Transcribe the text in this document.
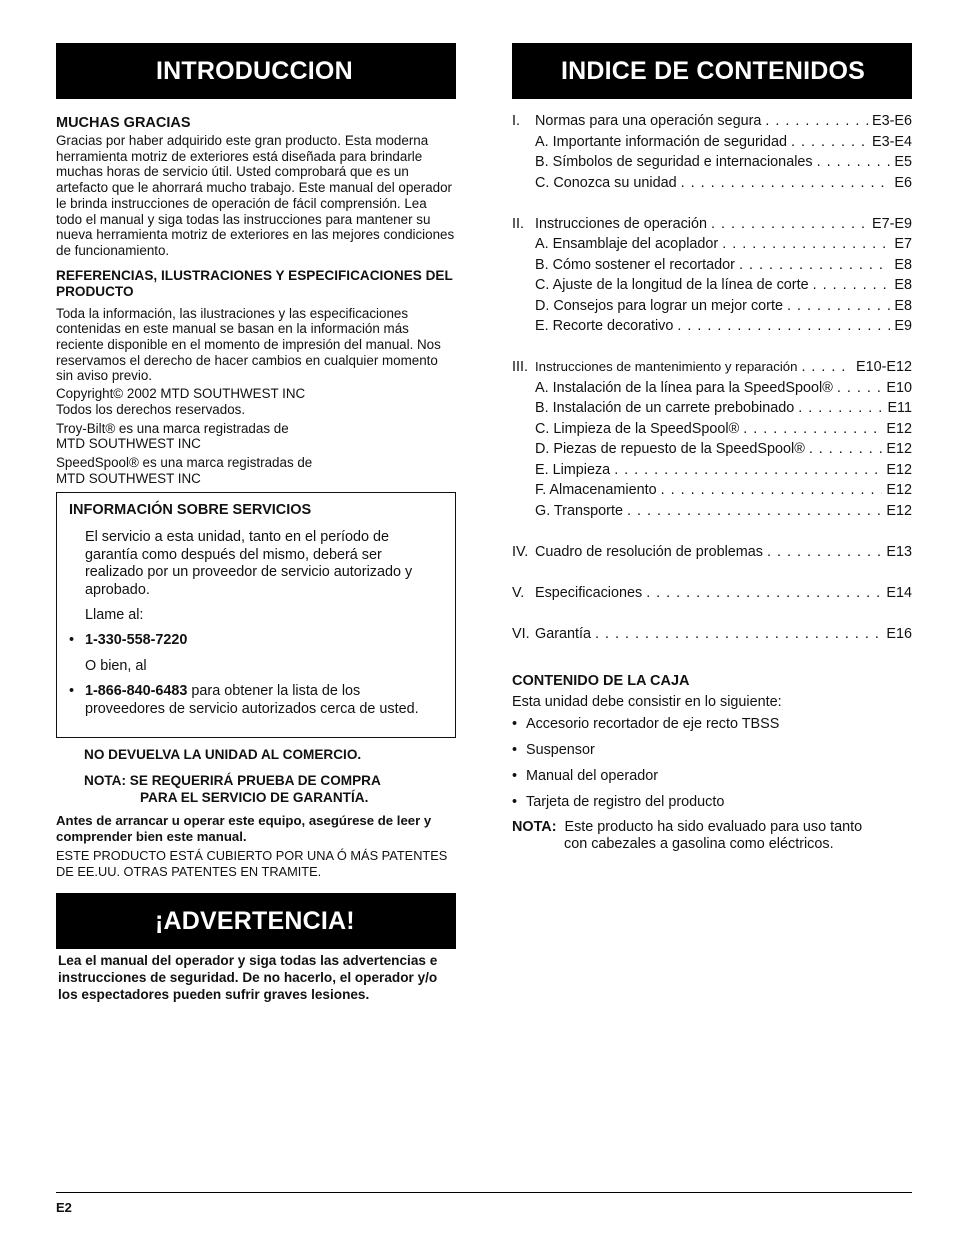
INTRODUCCION
MUCHAS GRACIAS

Gracias por haber adquirido este gran producto. Esta moderna herramienta motriz de exteriores está diseñada para brindarle muchas horas de servicio útil. Usted comprobará que es un artefacto que le ahorrará mucho trabajo. Este manual del operador le brinda instrucciones de operación de fácil comprensión. Lea todo el manual y siga todas las instrucciones para mantener su nueva herramienta motriz de exteriores en las mejores condiciones de funcionamiento.

REFERENCIAS, ILUSTRACIONES Y ESPECIFICACIONES DEL PRODUCTO

Toda la información, las ilustraciones y las especificaciones contenidas en este manual se basan en la información más reciente disponible en el momento de impresión del manual. Nos reservamos el derecho de hacer cambios en cualquier momento sin aviso previo.

Copyright© 2002 MTD SOUTHWEST INC

Todos los derechos reservados.

Troy-Bilt® es una marca registradas de

MTD SOUTHWEST INC

SpeedSpool® es una marca registradas de

MTD SOUTHWEST INC

INFORMACIÓN SOBRE SERVICIOS

El servicio a esta unidad, tanto en el período de garantía como después del mismo, deberá ser realizado por un proveedor de servicio autorizado y aprobado.

Llame al:

• 1-330-558-7220

O bien, al

• 1-866-840-6483 para obtener la lista de los proveedores de servicio autorizados cerca de usted.

NO DEVUELVA LA UNIDAD AL COMERCIO.

NOTA: SE REQUERIRÁ PRUEBA DE COMPRA

PARA EL SERVICIO DE GARANTÍA.

Antes de arrancar u operar este equipo, asegúrese de leer y comprender bien este manual.

ESTE PRODUCTO ESTÁ CUBIERTO POR UNA Ó MÁS PATENTES DE EE.UU. OTRAS PATENTES EN TRAMITE.

¡ADVERTENCIA!

Lea el manual del operador y siga todas las advertencias e instrucciones de seguridad. De no hacerlo, el operador y/o los espectadores pueden sufrir graves lesiones.

INDICE DE CONTENIDOS
I.	Normas para una operación segura . . .	E3-E6
A. Importante información de seguridad . . .	E3-E4
B. Símbolos de seguridad e internacionales . . .	E5
C. Conozca su unidad . . .	E6
II. Instrucciones de operación . . .	E7-E9
A. Ensamblaje del acoplador . . .	E7
B. Cómo sostener el recortador . . .	E8
C. Ajuste de la longitud de la línea de corte . . .	E8
D. Consejos para lograr un mejor corte . . .	E8
E. Recorte decorativo . . .	E9
III. Instrucciones de mantenimiento y reparación . . .	E10-E12
A. Instalación de la línea para la SpeedSpool® . . .	E10
B. Instalación de un carrete prebobinado . . .	E11
C. Limpieza de la SpeedSpool® . . .	E12
D. Piezas de repuesto de la SpeedSpool® . . .	E12
E. Limpieza . . .	E12
F. Almacenamiento . . .	E12
G. Transporte . . .	E12
IV. Cuadro de resolución de problemas . . .	E13
V. Especificaciones . . .	E14
VI. Garantía . . .	E16
CONTENIDO DE LA CAJA

Esta unidad debe consistir en lo siguiente:

• Accesorio recortador de eje recto TBSS
• Suspensor
• Manual del operador
• Tarjeta de registro del producto
NOTA: Este producto ha sido evaluado para uso tanto
con cabezales a gasolina como eléctricos.
E2
